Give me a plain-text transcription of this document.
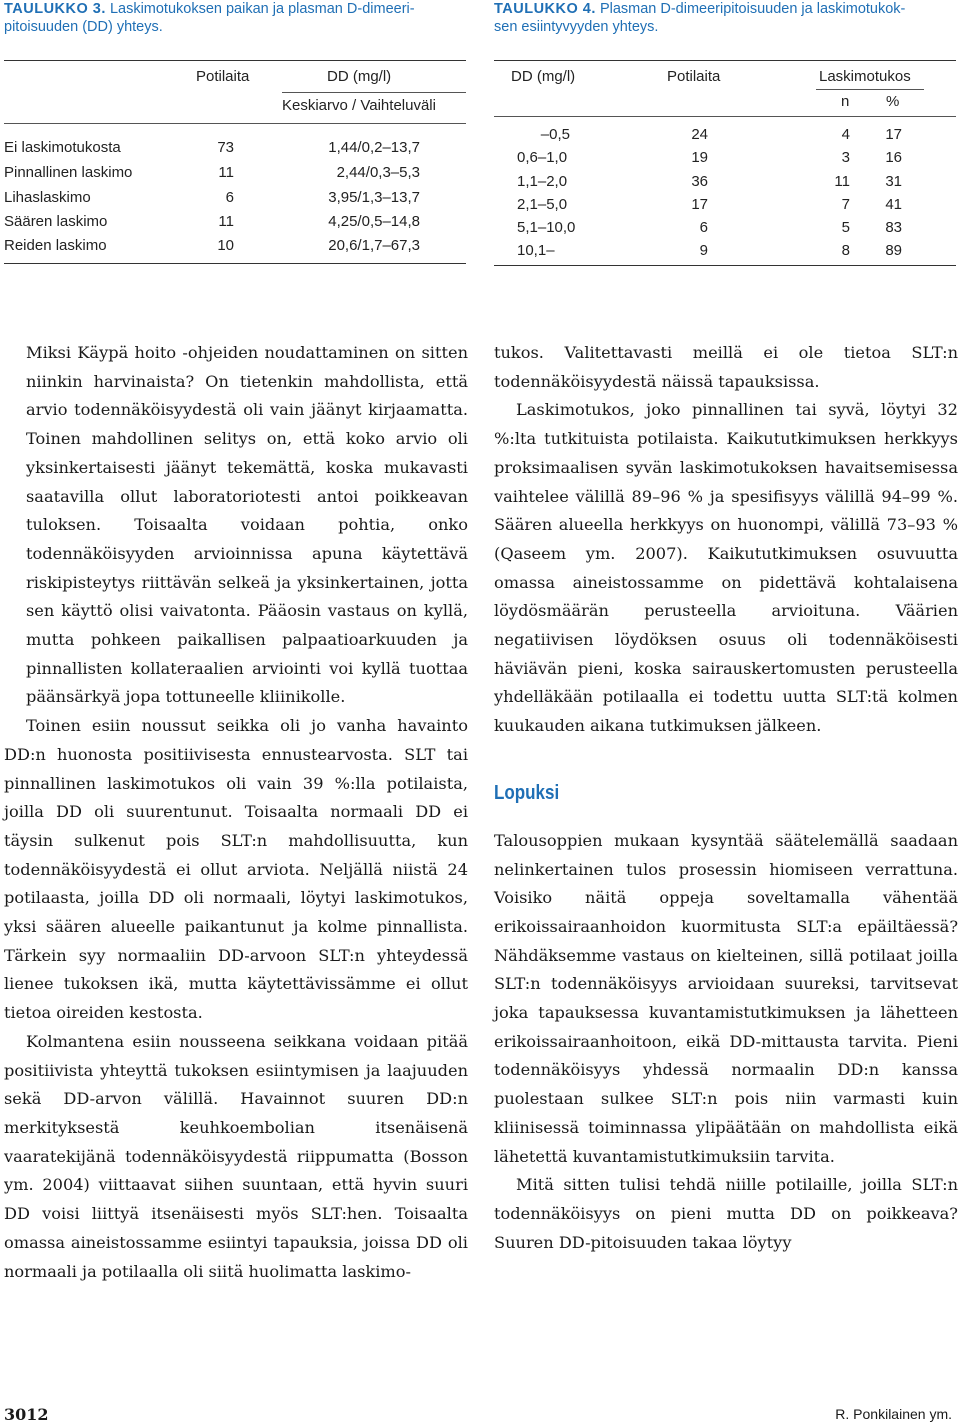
TAULUKKO 3. Laskimotukoksen paikan ja plasman D-dimeeri-
pitoisuuden (DD) yhteys.
Potilaita	DD (mg/l)
Keskiarvo / Vaihteluväli
Ei laskimotukosta	73	1,44/0,2–13,7
Pinnallinen laskimo	11	2,44/0,3–5,3
Lihaslaskimo	6	3,95/1,3–13,7
Säären laskimo	11	4,25/0,5–14,8
Reiden laskimo	10	20,6/1,7–67,3
TAULUKKO 4. Plasman D-dimeeripitoisuuden ja laskimotukok-
sen esiintyvyyden yhteys.
DD (mg/l)	Potilaita	Laskimotukos
n %
–0,5	24	4	17
0,6–1,0	19	3	16
1,1–2,0	36	11	31
2,1–5,0	17	7	41
5,1–10,0	6	5	83
10,1–	9	8	89

Miksi Käypä hoito -ohjeiden noudattaminen on sitten niinkin harvinaista? On tietenkin mahdollista, että arvio todennäköisyydestä oli vain jäänyt kirjaamatta. Toinen mahdollinen selitys on, että koko arvio oli yksinkertaisesti jäänyt tekemättä, koska mukavasti saatavilla ollut laboratoriotesti antoi poikkeavan tuloksen. Toisaalta voidaan pohtia, onko todennäköisyyden arvioinnissa apuna käytettävä riskipisteytys riittävän selkeä ja yksinkertainen, jotta sen käyttö olisi vaivatonta. Pääosin vastaus on kyllä, mutta pohkeen paikallisen palpaatioarkuuden ja pinnallisten kollateraalien arviointi voi kyllä tuottaa päänsärkyä jopa tottuneelle kliinikolle.

Toinen esiin noussut seikka oli jo vanha havainto DD:n huonosta positiivisesta ennustearvosta. SLT tai pinnallinen laskimotukos oli vain 39 %:lla potilaista, joilla DD oli suurentunut. Toisaalta normaali DD ei täysin sulkenut pois SLT:n mahdollisuutta, kun todennäköisyydestä ei ollut arviota. Neljällä niistä 24 potilaasta, joilla DD oli normaali, löytyi laskimotukos, yksi säären alueelle paikantunut ja kolme pinnallista. Tärkein syy normaaliin DD-arvoon SLT:n yhteydessä lienee tukoksen ikä, mutta käytettävissämme ei ollut tietoa oireiden kestosta.

Kolmantena esiin nousseena seikkana voidaan pitää positiivista yhteyttä tukoksen esiintymisen ja laajuuden sekä DD-arvon välillä. Havainnot suuren DD:n merkityksestä keuhkoembolian itsenäisenä vaaratekijänä todennäköisyydestä riippumatta (Bosson ym. 2004) viittaavat siihen suuntaan, että hyvin suuri DD voisi liittyä itsenäisesti myös SLT:hen. Toisaalta omassa aineistossamme esiintyi tapauksia, joissa DD oli normaali ja potilaalla oli siitä huolimatta laskimo-

tukos. Valitettavasti meillä ei ole tietoa SLT:n todennäköisyydestä näissä tapauksissa.

Laskimotukos, joko pinnallinen tai syvä, löytyi 32 %:lta tutkituista potilaista. Kaikututkimuksen herkkyys proksimaalisen syvän laskimotukoksen havaitsemisessa vaihtelee välillä 89–96 % ja spesifisyys välillä 94–99 %. Säären alueella herkkyys on huonompi, välillä 73–93 % (Qaseem ym. 2007). Kaikututkimuksen osuvuutta omassa aineistossamme on pidettävä kohtalaisena löydösmäärän perusteella arvioituna. Väärien negatiivisen löydöksen osuus oli todennäköisesti häviävän pieni, koska sairauskertomusten perusteella yhdelläkään potilaalla ei todettu uutta SLT:tä kolmen kuukauden aikana tutkimuksen jälkeen.

Lopuksi

Talousoppien mukaan kysyntää säätelemällä saadaan nelinkertainen tulos prosessin hiomiseen verrattuna. Voisiko näitä oppeja soveltamalla vähentää erikoissairaanhoidon kuormitusta SLT:a epäiltäessä? Nähdäksemme vastaus on kielteinen, sillä potilaat joilla SLT:n todennäköisyys arvioidaan suureksi, tarvitsevat joka tapauksessa kuvantamistutkimuksen ja lähetteen erikoissairaanhoitoon, eikä DD-mittausta tarvita. Pieni todennäköisyys yhdessä normaalin DD:n kanssa puolestaan sulkee SLT:n pois niin varmasti kuin kliinisessä toiminnassa ylipäätään on mahdollista eikä lähetettä kuvantamistutkimuksiin tarvita.

Mitä sitten tulisi tehdä niille potilaille, joilla SLT:n todennäköisyys on pieni mutta DD on poikkeava? Suuren DD-pitoisuuden takaa löytyy

3012	R. Ponkilainen ym.
